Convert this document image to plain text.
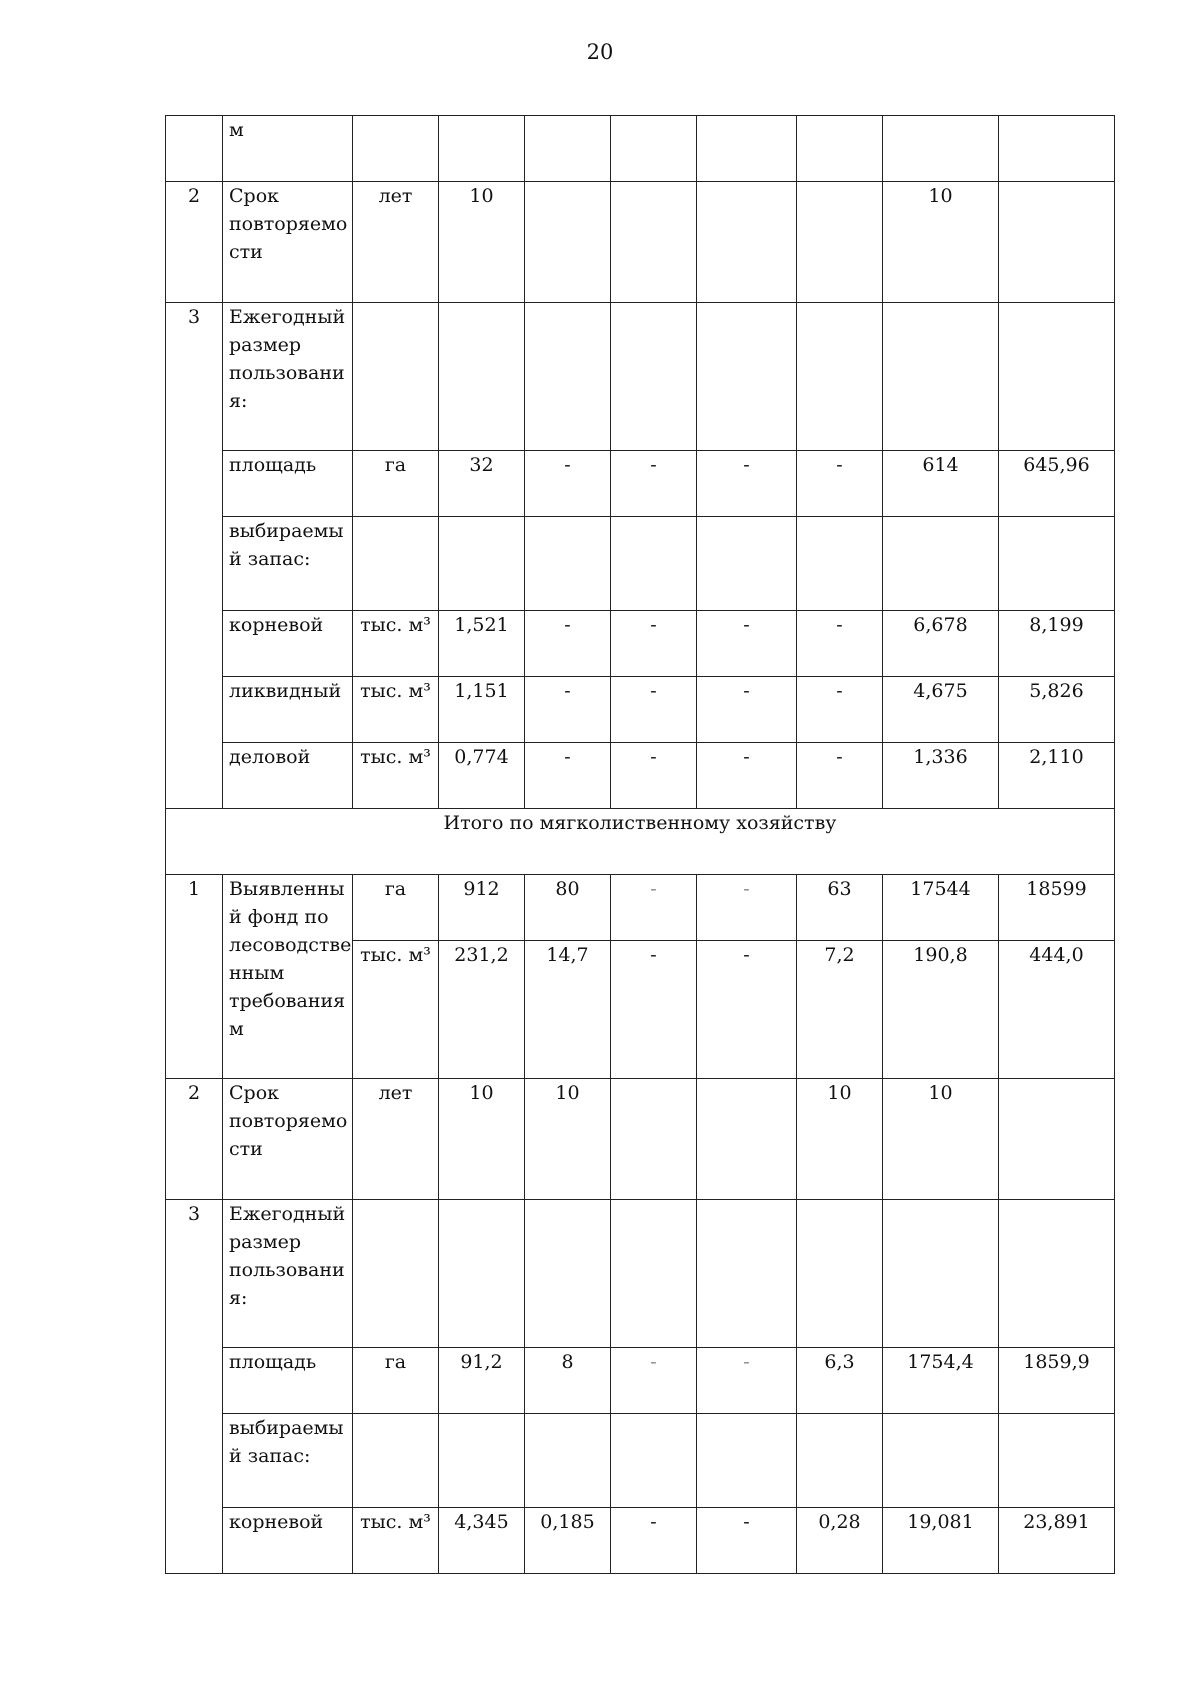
20
	м								
2	Срок повторяемо сти	лет	10					10	
3	Ежегодный размер пользовани я:								
	площадь	га	32	-	-	-	-	614	645,96
	выбираемы й запас:								
	корневой	тыс. м³	1,521	-	-	-	-	6,678	8,199
	ликвидный	тыс. м³	1,151	-	-	-	-	4,675	5,826
	деловой	тыс. м³	0,774	-	-	-	-	1,336	2,110
Итого по мягколиственному хозяйству									
1	Выявленны й фонд по лесоводстве нным требования м	га	912	80	-	-	63	17544	18599
		тыс. м³	231,2	14,7	-	-	7,2	190,8	444,0
2	Срок повторяемо сти	лет	10	10			10	10	
3	Ежегодный размер пользовани я:								
	площадь	га	91,2	8	-	-	6,3	1754,4	1859,9
	выбираемы й запас:								
	корневой	тыс. м³	4,345	0,185	-	-	0,28	19,081	23,891
